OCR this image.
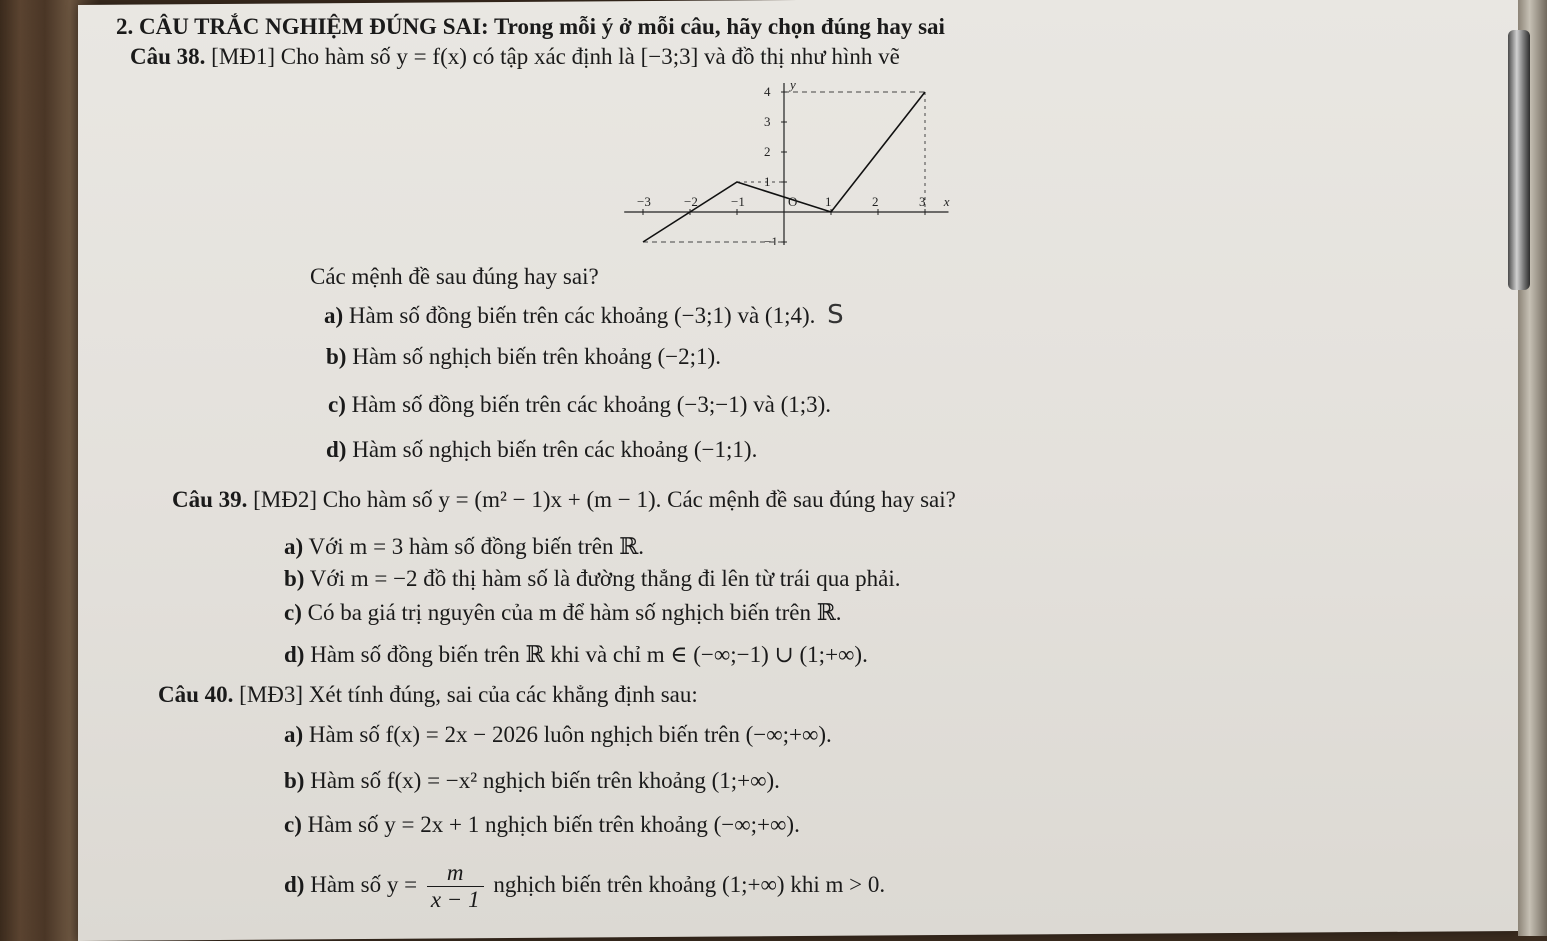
2. CÂU TRẮC NGHIỆM ĐÚNG SAI: Trong mỗi ý ở mỗi câu, hãy chọn đúng hay sai
Câu 38. [MĐ1] Cho hàm số y = f(x) có tập xác định là [−3;3] và đồ thị như hình vẽ
−3	−2	−1	1	2	3
4
3
2
1
−1
O
y
x
Các mệnh đề sau đúng hay sai?
a) Hàm số đồng biến trên các khoảng (−3;1) và (1;4). S
b) Hàm số nghịch biến trên khoảng (−2;1).
c) Hàm số đồng biến trên các khoảng (−3;−1) và (1;3).
d) Hàm số nghịch biến trên các khoảng (−1;1).
Câu 39. [MĐ2] Cho hàm số y = (m² − 1)x + (m − 1). Các mệnh đề sau đúng hay sai?
a) Với m = 3 hàm số đồng biến trên ℝ.
b) Với m = −2 đồ thị hàm số là đường thẳng đi lên từ trái qua phải.
c) Có ba giá trị nguyên của m để hàm số nghịch biến trên ℝ.
d) Hàm số đồng biến trên ℝ khi và chỉ m ∈ (−∞;−1) ∪ (1;+∞).
Câu 40. [MĐ3] Xét tính đúng, sai của các khẳng định sau:
a) Hàm số f(x) = 2x − 2026 luôn nghịch biến trên (−∞;+∞).
b) Hàm số f(x) = −x² nghịch biến trên khoảng (1;+∞).
c) Hàm số y = 2x + 1 nghịch biến trên khoảng (−∞;+∞).
d) Hàm số $y = \frac{m}{x - 1}$ nghịch biến trên khoảng (1;+∞) khi m > 0.
